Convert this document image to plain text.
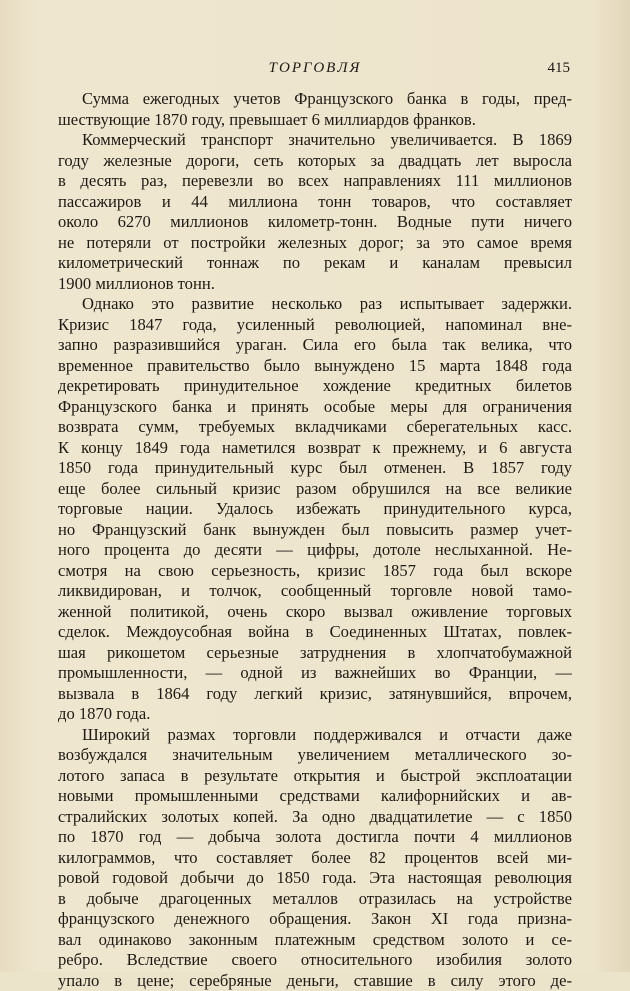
ТОРГОВЛЯ	415
Сумма ежегодных учетов Французского банка в годы, пред-
шествующие 1870 году, превышает 6 миллиардов франков.
Коммерческий транспорт значительно увеличивается. В 1869
году железные дороги, сеть которых за двадцать лет выросла
в десять раз, перевезли во всех направлениях 111 миллионов
пассажиров и 44 миллиона тонн товаров, что составляет
около 6270 миллионов километр-тонн. Водные пути ничего
не потеряли от постройки железных дорог; за это самое время
километрический тоннаж по рекам и каналам превысил
1900 миллионов тонн.
Однако это развитие несколько раз испытывает задержки.
Кризис 1847 года, усиленный революцией, напоминал вне-
запно разразившийся ураган. Сила его была так велика, что
временное правительство было вынуждено 15 марта 1848 года
декретировать принудительное хождение кредитных билетов
Французского банка и принять особые меры для ограничения
возврата сумм, требуемых вкладчиками сберегательных касс.
К концу 1849 года наметился возврат к прежнему, и 6 августа
1850 года принудительный курс был отменен. В 1857 году
еще более сильный кризис разом обрушился на все великие
торговые нации. Удалось избежать принудительного курса,
но Французский банк вынужден был повысить размер учет-
ного процента до десяти — цифры, дотоле неслыханной. Не-
смотря на свою серьезность, кризис 1857 года был вскоре
ликвидирован, и толчок, сообщенный торговле новой тамо-
женной политикой, очень скоро вызвал оживление торговых
сделок. Междоусобная война в Соединенных Штатах, повлек-
шая рикошетом серьезные затруднения в хлопчатобумажной
промышленности, — одной из важнейших во Франции, —
вызвала в 1864 году легкий кризис, затянувшийся, впрочем,
до 1870 года.
Широкий размах торговли поддерживался и отчасти даже
возбуждался значительным увеличением металлического зо-
лотого запаса в результате открытия и быстрой эксплоатации
новыми промышленными средствами калифорнийских и ав-
стралийских золотых копей. За одно двадцатилетие — с 1850
по 1870 год — добыча золота достигла почти 4 миллионов
килограммов, что составляет более 82 процентов всей ми-
ровой годовой добычи до 1850 года. Эта настоящая революция
в добыче драгоценных металлов отразилась на устройстве
французского денежного обращения. Закон XI года призна-
вал одинаково законным платежным средством золото и се-
ребро. Вследствие своего относительного изобилия золото
упало в цене; серебряные деньги, ставшие в силу этого де-
